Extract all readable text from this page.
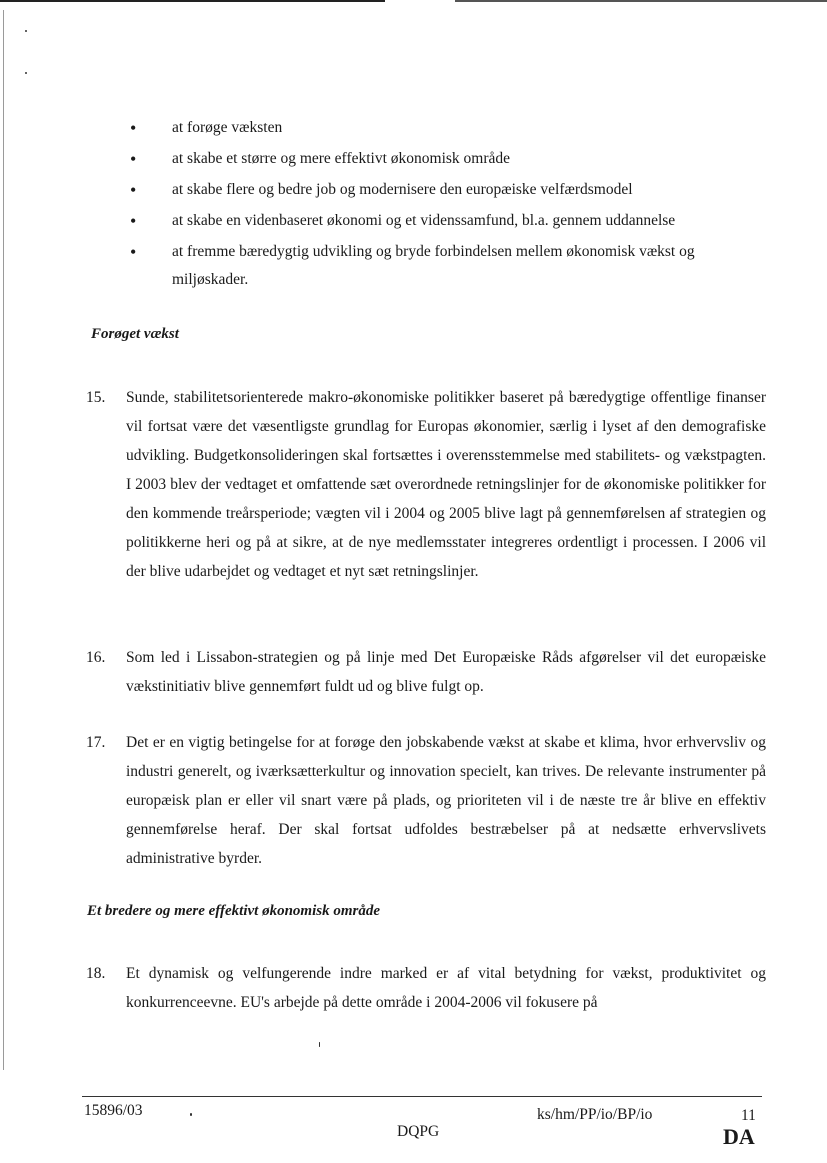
• at forøge væksten
• at skabe et større og mere effektivt økonomisk område
• at skabe flere og bedre job og modernisere den europæiske velfærdsmodel
• at skabe en videnbaseret økonomi og et videnssamfund, bl.a. gennem uddannelse
• at fremme bæredygtig udvikling og bryde forbindelsen mellem økonomisk vækst og miljøskader.
Forøget vækst
15. Sunde, stabilitetsorienterede makro-økonomiske politikker baseret på bæredygtige offentlige finanser vil fortsat være det væsentligste grundlag for Europas økonomier, særlig i lyset af den demografiske udvikling. Budgetkonsolideringen skal fortsættes i overensstemmelse med stabilitets- og vækstpagten. I 2003 blev der vedtaget et omfattende sæt overordnede retningslinjer for de økonomiske politikker for den kommende treårsperiode; vægten vil i 2004 og 2005 blive lagt på gennemførelsen af strategien og politikkerne heri og på at sikre, at de nye medlemsstater integreres ordentligt i processen. I 2006 vil der blive udarbejdet og vedtaget et nyt sæt retningslinjer.
16. Som led i Lissabon-strategien og på linje med Det Europæiske Råds afgørelser vil det europæiske vækstinitiativ blive gennemført fuldt ud og blive fulgt op.
17. Det er en vigtig betingelse for at forøge den jobskabende vækst at skabe et klima, hvor erhvervsliv og industri generelt, og iværksætterkultur og innovation specielt, kan trives. De relevante instrumenter på europæisk plan er eller vil snart være på plads, og prioriteten vil i de næste tre år blive en effektiv gennemførelse heraf. Der skal fortsat udfoldes bestræbelser på at nedsætte erhvervslivets administrative byrder.
Et bredere og mere effektivt økonomisk område
18. Et dynamisk og velfungerende indre marked er af vital betydning for vækst, produktivitet og konkurrenceevne. EU's arbejde på dette område i 2004-2006 vil fokusere på
15896/03	ks/hm/PP/io/BP/io	11
DQPG	DA
